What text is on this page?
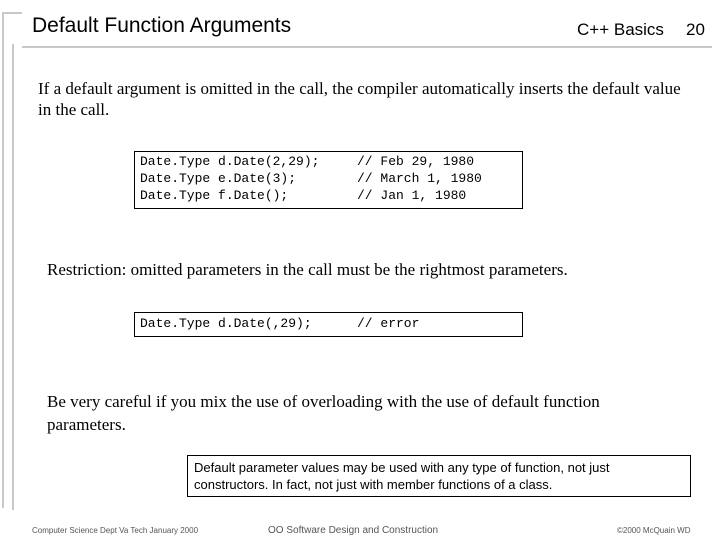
Default Function Arguments	C++ Basics 20
If a default argument is omitted in the call, the compiler automatically inserts the default value in the call.
Date.Type d.Date(2,29);	// Feb 29, 1980
Date.Type e.Date(3);	// March 1, 1980
Date.Type f.Date();	// Jan 1, 1980
Restriction: omitted parameters in the call must be the rightmost parameters.
Date.Type d.Date(,29);	// error
Be very careful if you mix the use of overloading with the use of default function parameters.
Default parameter values may be used with any type of function, not just constructors. In fact, not just with member functions of a class.
Computer Science Dept Va Tech January 2000	OO Software Design and Construction	©2000 McQuain WD
